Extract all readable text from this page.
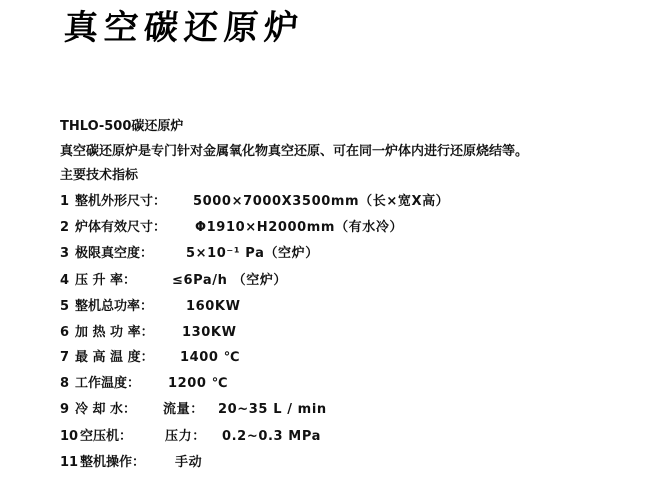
真空碳还原炉
THLO-500碳还原炉
真空碳还原炉是专门针对金属氧化物真空还原、可在同一炉体内进行还原烧结等。
主要技术指标
1 整机外形尺寸： 5000×7000X3500mm（长×宽X高）
2 炉体有效尺寸： Φ1910×H2000mm（有水冷）
3 极限真空度：	5×10⁻¹ Pa（空炉）
4 压 升 率：	≤6Pa/h （空炉）
5 整机总功率：	160KW
6 加 热 功 率： 130KW
7 最 高 温 度： 1400 ℃
8 工作温度： 1200 ℃
9 冷 却 水： 流量： 20~35 L / min
10 空压机：	压力： 0.2~0.3 MPa
11 整机操作： 手动
